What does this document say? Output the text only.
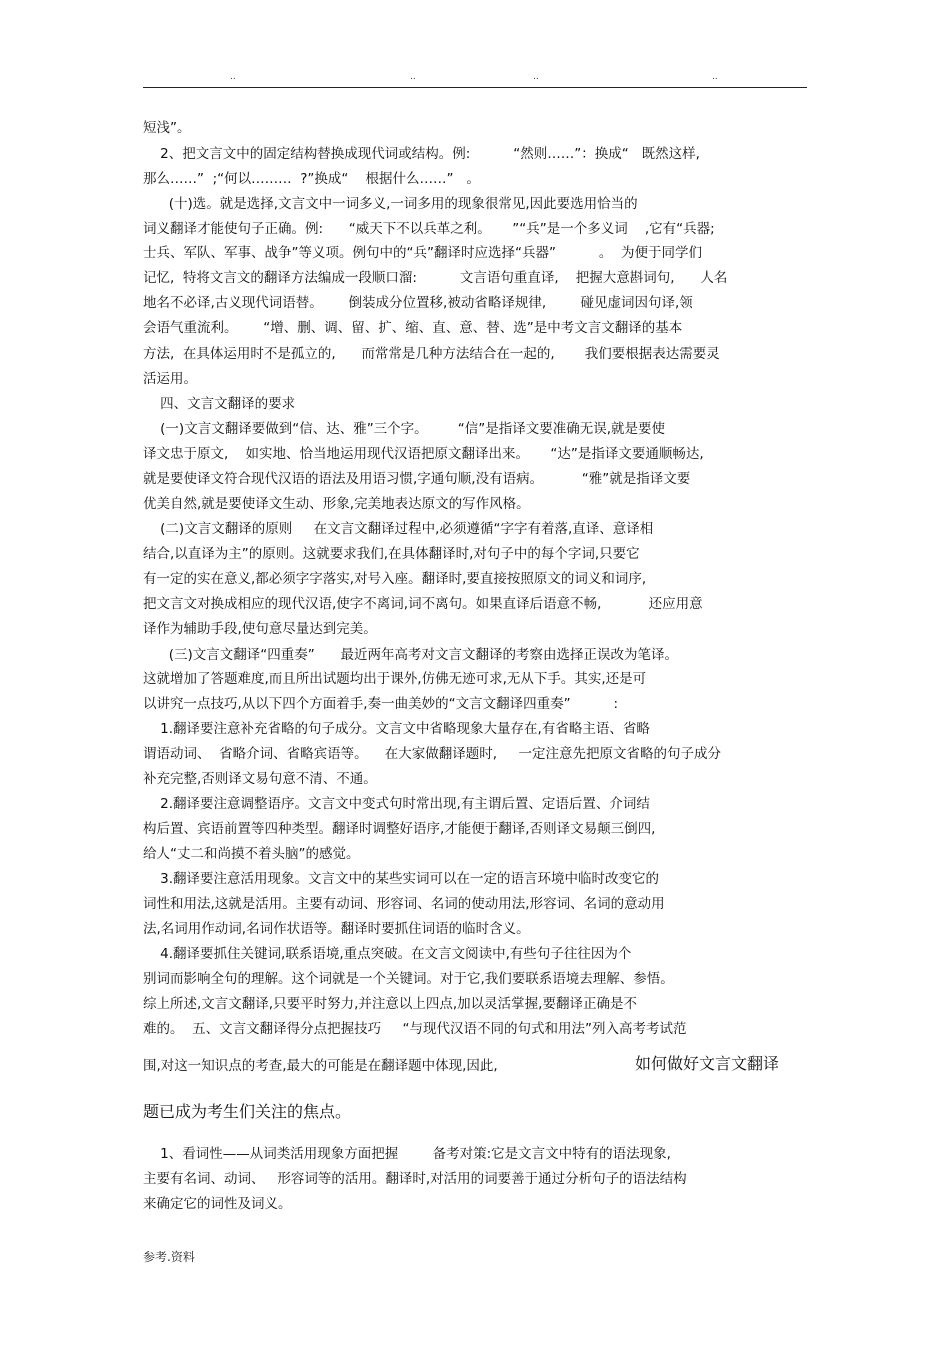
..	..	..	..
短浅”。
2、把文言文中的固定结构替换成现代词或结构。例:          “然则……”：换成“   既然这样,
那么……”  ;“何以………  ?”换成“    根据什么……”   。
(十)选。就是选择,文言文中一词多义,一词多用的现象很常见,因此要选用恰当的
词义翻译才能使句子正确。例:      “威天下不以兵革之利。     ”“兵”是一个多义词    ,它有“兵器;
士兵、军队、军事、战争”等义项。例句中的“兵”翻译时应选择“兵器”          。  为便于同学们
记忆,  特将文言文的翻译方法编成一段顺口溜:          文言语句重直译,    把握大意斟词句,      人名
地名不必译,古义现代词语替。      倒装成分位置移,被动省略译规律,        碰见虚词因句译,领
会语气重流利。      “增、删、调、留、扩、缩、直、意、替、选”是中考文言文翻译的基本
方法,  在具体运用时不是孤立的,      而常常是几种方法结合在一起的,       我们要根据表达需要灵
活运用。
四、文言文翻译的要求
(一)文言文翻译要做到“信、达、雅”三个字。       “信”是指译文要准确无误,就是要使
译文忠于原文,    如实地、恰当地运用现代汉语把原文翻译出来。     “达”是指译文要通顺畅达,
就是要使译文符合现代汉语的语法及用语习惯,字通句顺,没有语病。         “雅”就是指译文要
优美自然,就是要使译文生动、形象,完美地表达原文的写作风格。
(二)文言文翻译的原则     在文言文翻译过程中,必须遵循“字字有着落,直译、意译相
结合,以直译为主”的原则。这就要求我们,在具体翻译时,对句子中的每个字词,只要它
有一定的实在意义,都必须字字落实,对号入座。翻译时,要直接按照原文的词义和词序,
把文言文对换成相应的现代汉语,使字不离词,词不离句。如果直译后语意不畅,           还应用意
译作为辅助手段,使句意尽量达到完美。
(三)文言文翻译“四重奏”      最近两年高考对文言文翻译的考察由选择正误改为笔译。
这就增加了答题难度,而且所出试题均出于课外,仿佛无迹可求,无从下手。其实,还是可
以讲究一点技巧,从以下四个方面着手,奏一曲美妙的“文言文翻译四重奏”          :
1.翻译要注意补充省略的句子成分。文言文中省略现象大量存在,有省略主语、省略
谓语动词、  省略介词、省略宾语等。    在大家做翻译题时,     一定注意先把原文省略的句子成分
补充完整,否则译文易句意不清、不通。
2.翻译要注意调整语序。文言文中变式句时常出现,有主谓后置、定语后置、介词结
构后置、宾语前置等四种类型。翻译时调整好语序,才能便于翻译,否则译文易颠三倒四,
给人“丈二和尚摸不着头脑”的感觉。
3.翻译要注意活用现象。文言文中的某些实词可以在一定的语言环境中临时改变它的
词性和用法,这就是活用。主要有动词、形容词、名词的使动用法,形容词、名词的意动用
法,名词用作动词,名词作状语等。翻译时要抓住词语的临时含义。
4.翻译要抓住关键词,联系语境,重点突破。在文言文阅读中,有些句子往往因为个
别词而影响全句的理解。这个词就是一个关键词。对于它,我们要联系语境去理解、参悟。
综上所述,文言文翻译,只要平时努力,并注意以上四点,加以灵活掌握,要翻译正确是不
难的。  五、文言文翻译得分点把握技巧     “与现代汉语不同的句式和用法”列入高考考试范
围,对这一知识点的考查,最大的可能是在翻译题中体现,因此,	如何做好文言文翻译
题已成为考生们关注的焦点。
1、看词性——从词类活用现象方面把握        备考对策:它是文言文中特有的语法现象,
主要有名词、动词、   形容词等的活用。翻译时,对活用的词要善于通过分析句子的语法结构
来确定它的词性及词义。
参考.资料
